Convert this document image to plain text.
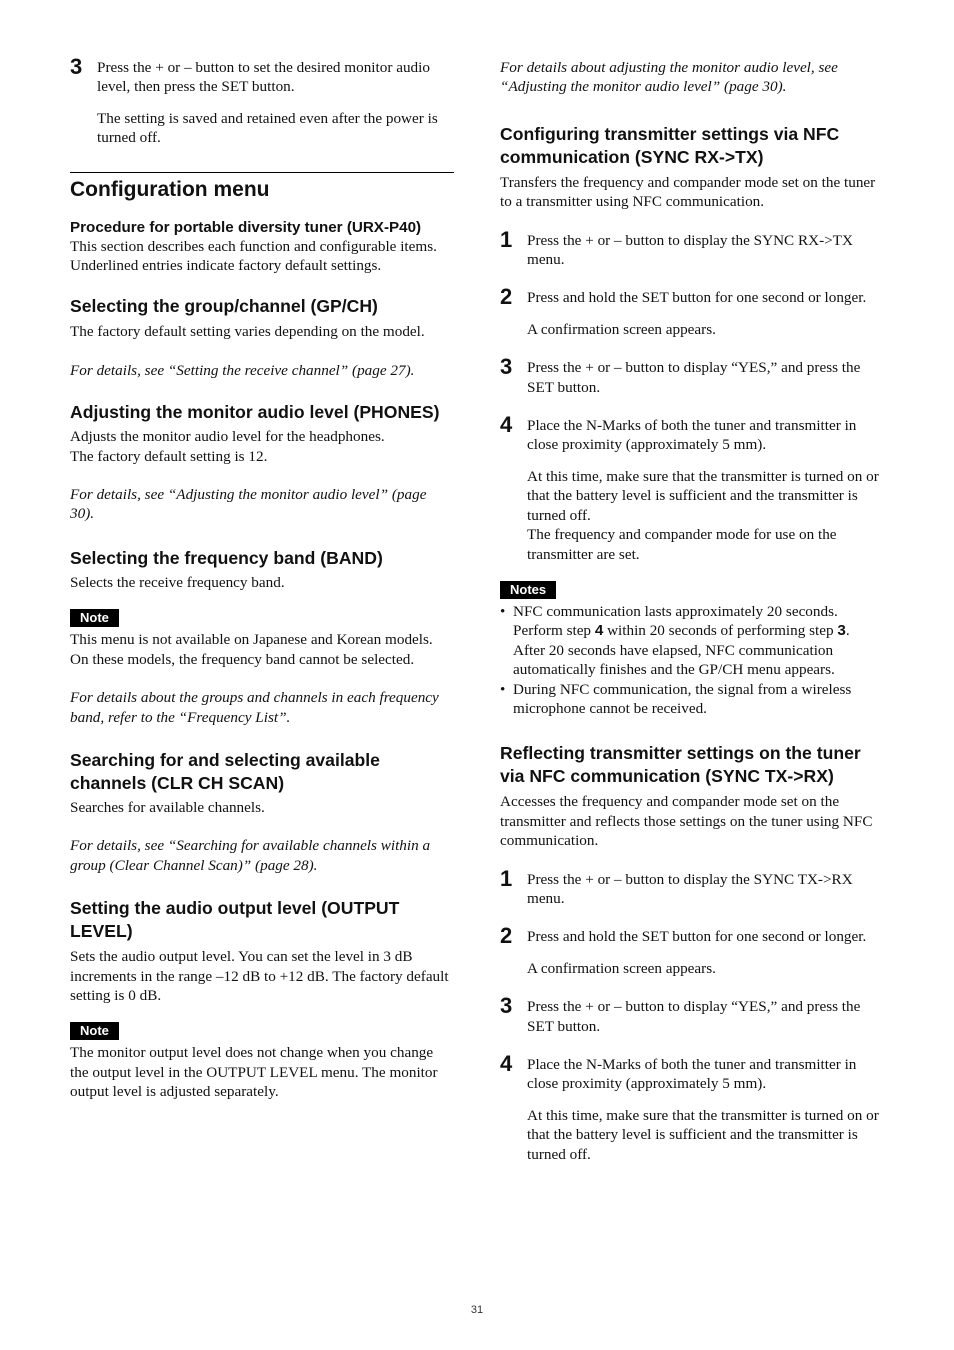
3 Press the + or – button to set the desired monitor audio level, then press the SET button.

The setting is saved and retained even after the power is turned off.

Configuration menu
Procedure for portable diversity tuner (URX-P40)

This section describes each function and configurable items.

Underlined entries indicate factory default settings.

Selecting the group/channel (GP/CH)

The factory default setting varies depending on the model.

For details, see “Setting the receive channel” (page 27).

Adjusting the monitor audio level (PHONES)

Adjusts the monitor audio level for the headphones.

The factory default setting is 12.

For details, see “Adjusting the monitor audio level” (page 30).

Selecting the frequency band (BAND)

Selects the receive frequency band.

Note

This menu is not available on Japanese and Korean models. On these models, the frequency band cannot be selected.

For details about the groups and channels in each frequency band, refer to the “Frequency List”.

Searching for and selecting available channels (CLR CH SCAN)

Searches for available channels.

For details, see “Searching for available channels within a group (Clear Channel Scan)” (page 28).

Setting the audio output level (OUTPUT LEVEL)

Sets the audio output level. You can set the level in 3 dB increments in the range –12 dB to +12 dB. The factory default setting is 0 dB.

Note

The monitor output level does not change when you change the output level in the OUTPUT LEVEL menu. The monitor output level is adjusted separately.

For details about adjusting the monitor audio level, see “Adjusting the monitor audio level” (page 30).

Configuring transmitter settings via NFC communication (SYNC RX->TX)

Transfers the frequency and compander mode set on the tuner to a transmitter using NFC communication.

1 Press the + or – button to display the SYNC RX->TX menu.

2 Press and hold the SET button for one second or longer.

A confirmation screen appears.

3 Press the + or – button to display “YES,” and press the SET button.

4 Place the N-Marks of both the tuner and transmitter in close proximity (approximately 5 mm).

At this time, make sure that the transmitter is turned on or that the battery level is sufficient and the transmitter is turned off.

The frequency and compander mode for use on the transmitter are set.

Notes
• NFC communication lasts approximately 20 seconds. Perform step 4 within 20 seconds of performing step 3. After 20 seconds have elapsed, NFC communication automatically finishes and the GP/CH menu appears.
• During NFC communication, the signal from a wireless microphone cannot be received.
Reflecting transmitter settings on the tuner via NFC communication (SYNC TX->RX)

Accesses the frequency and compander mode set on the transmitter and reflects those settings on the tuner using NFC communication.

1 Press the + or – button to display the SYNC TX->RX menu.

2 Press and hold the SET button for one second or longer.

A confirmation screen appears.

3 Press the + or – button to display “YES,” and press the SET button.

4 Place the N-Marks of both the tuner and transmitter in close proximity (approximately 5 mm).

At this time, make sure that the transmitter is turned on or that the battery level is sufficient and the transmitter is turned off.

31
